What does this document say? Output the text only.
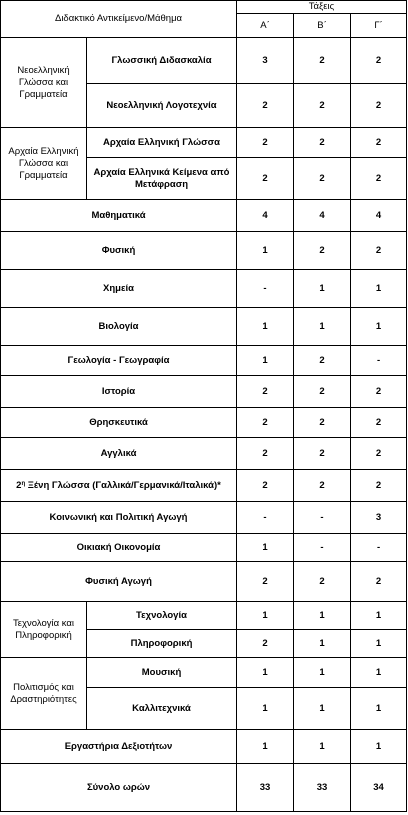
Διδακτικό Αντικείμενο/Μάθημα		Τάξεις		
		Α΄	Β΄	Γ΄
Νεοελληνική Γλώσσα και Γραμματεία	Γλωσσική Διδασκαλία	3	2	2
	Νεοελληνική Λογοτεχνία	2	2	2
Αρχαία Ελληνική Γλώσσα και Γραμματεία	Αρχαία Ελληνική Γλώσσα	2	2	2
	Αρχαία Ελληνικά Κείμενα από Μετάφραση	2	2	2
Μαθηματικά		4	4	4
Φυσική		1	2	2
Χημεία		-	1	1
Βιολογία		1	1	1
Γεωλογία - Γεωγραφία		1	2	-
Ιστορία		2	2	2
Θρησκευτικά		2	2	2
Αγγλικά		2	2	2
$2^\eta$ Ξένη Γλώσσα (Γαλλικά/Γερμανικά/Ιταλικά)*		2	2	2
Κοινωνική και Πολιτική Αγωγή		-	-	3
Οικιακή Οικονομία		1	-	-
Φυσική Αγωγή		2	2	2
Τεχνολογία και Πληροφορική	Τεχνολογία	1	1	1
	Πληροφορική	2	1	1
Πολιτισμός και Δραστηριότητες	Μουσική	1	1	1
	Καλλιτεχνικά	1	1	1
Εργαστήρια Δεξιοτήτων		1	1	1
Σύνολο ωρών		33	33	34
